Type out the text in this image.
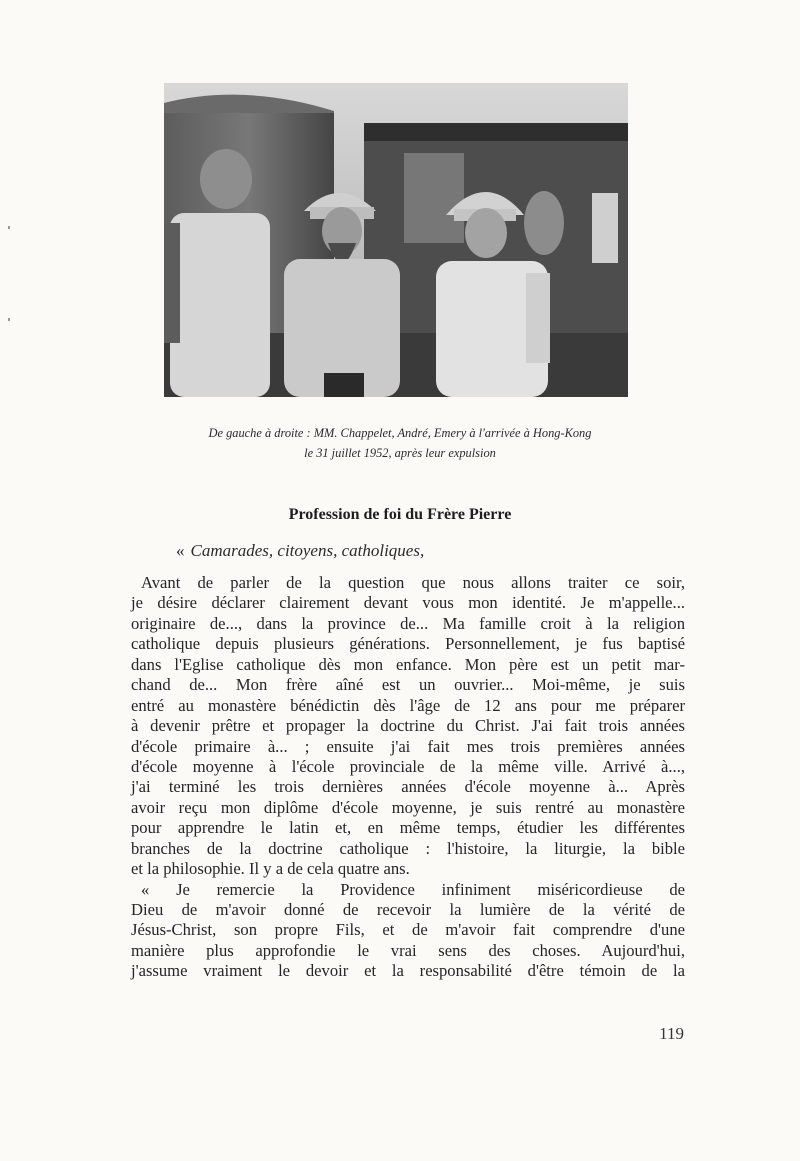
De gauche à droite : MM. Chappelet, André, Emery à l'arrivée à Hong-Kong
le 31 juillet 1952, après leur expulsion
Profession de foi du Frère Pierre
« Camarades, citoyens, catholiques,
Avant de parler de la question que nous allons traiter ce soir,
je désire déclarer clairement devant vous mon identité. Je m'appelle...
originaire de..., dans la province de... Ma famille croit à la religion
catholique depuis plusieurs générations. Personnellement, je fus baptisé
dans l'Eglise catholique dès mon enfance. Mon père est un petit mar-
chand de... Mon frère aîné est un ouvrier... Moi-même, je suis
entré au monastère bénédictin dès l'âge de 12 ans pour me préparer
à devenir prêtre et propager la doctrine du Christ. J'ai fait trois années
d'école primaire à... ; ensuite j'ai fait mes trois premières années
d'école moyenne à l'école provinciale de la même ville. Arrivé à...,
j'ai terminé les trois dernières années d'école moyenne à... Après
avoir reçu mon diplôme d'école moyenne, je suis rentré au monastère
pour apprendre le latin et, en même temps, étudier les différentes
branches de la doctrine catholique : l'histoire, la liturgie, la bible
et la philosophie. Il y a de cela quatre ans.
« Je remercie la Providence infiniment miséricordieuse de
Dieu de m'avoir donné de recevoir la lumière de la vérité de
Jésus-Christ, son propre Fils, et de m'avoir fait comprendre d'une
manière plus approfondie le vrai sens des choses. Aujourd'hui,
j'assume vraiment le devoir et la responsabilité d'être témoin de la
119
